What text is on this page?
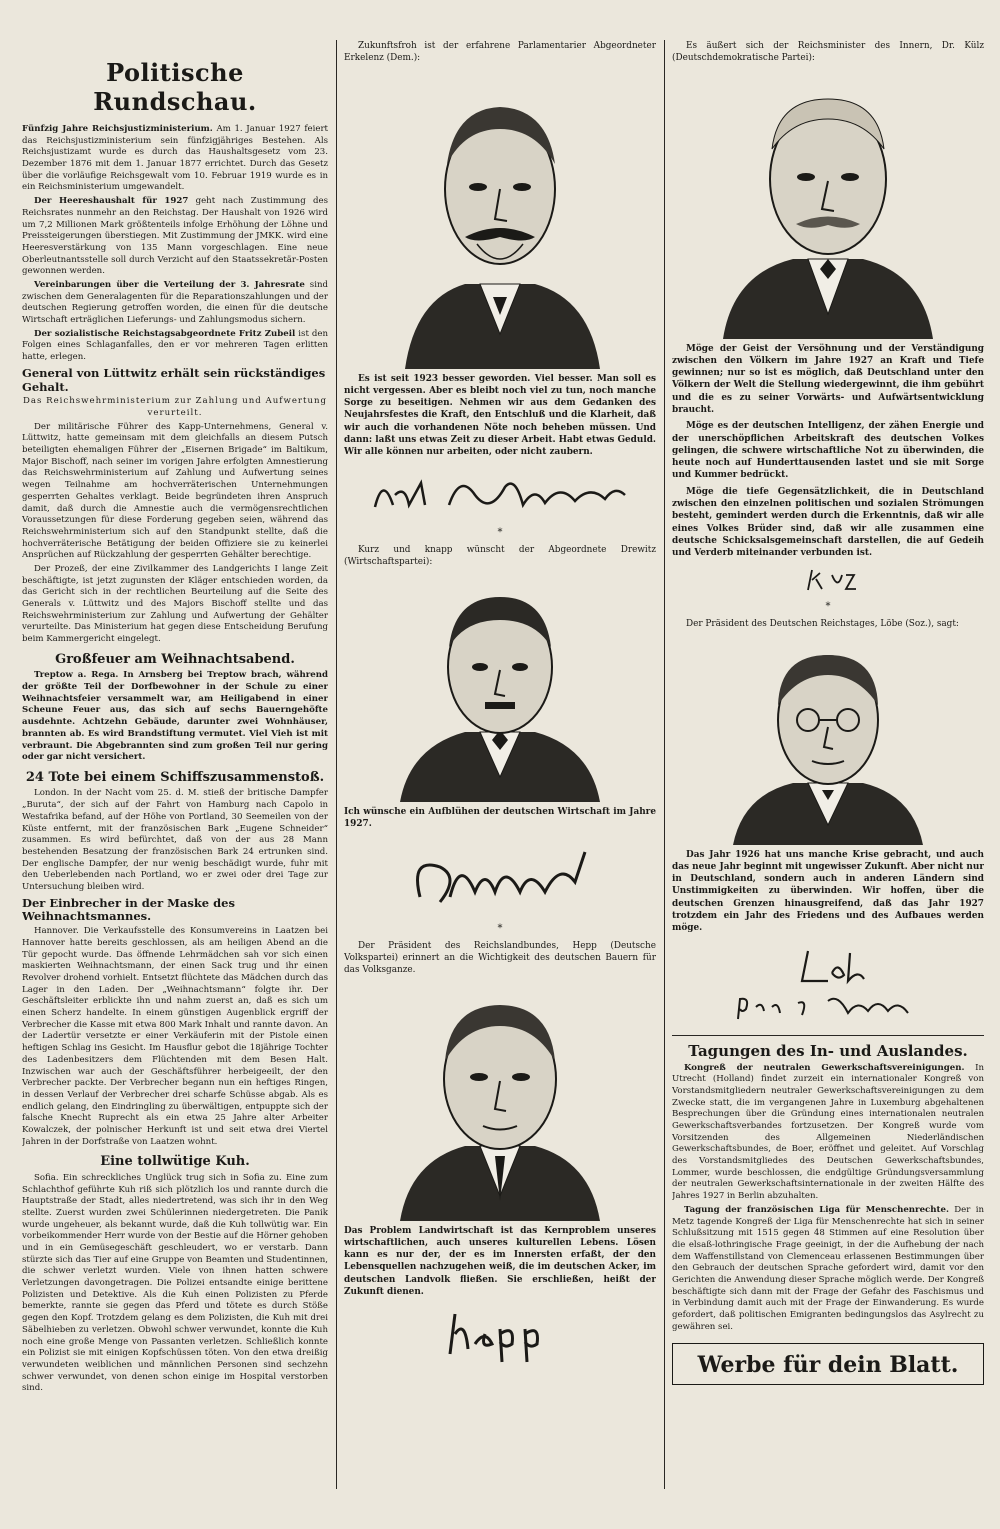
Politische Rundschau.

Fünfzig Jahre Reichsjustizministerium. Am 1. Januar 1927 feiert das Reichsjustizministerium sein fünfzigjähriges Bestehen. Als Reichsjustizamt wurde es durch das Haushaltsgesetz vom 23. Dezember 1876 mit dem 1. Januar 1877 errichtet. Durch das Gesetz über die vorläufige Reichsgewalt vom 10. Februar 1919 wurde es in ein Reichsministerium umgewandelt.

Der Heereshaushalt für 1927 geht nach Zustimmung des Reichsrates nunmehr an den Reichstag. Der Haushalt von 1926 wird um 7,2 Millionen Mark größtenteils infolge Erhöhung der Löhne und Preissteigerungen überstiegen. Mit Zustimmung der JMKK. wird eine Heeresverstärkung von 135 Mann vorgeschlagen. Eine neue Oberleutnantsstelle soll durch Verzicht auf den Staatssekretär-Posten gewonnen werden.

Vereinbarungen über die Verteilung der 3. Jahresrate sind zwischen dem Generalagenten für die Reparationszahlungen und der deutschen Regierung getroffen worden, die einen für die deutsche Wirtschaft erträglichen Lieferungs- und Zahlungsmodus sichern.

Der sozialistische Reichstagsabgeordnete Fritz Zubeil ist den Folgen eines Schlaganfalles, den er vor mehreren Tagen erlitten hatte, erlegen.

General von Lüttwitz erhält sein rückständiges Gehalt.

Das Reichswehrministerium zur Zahlung und Aufwertung verurteilt.

Der militärische Führer des Kapp-Unternehmens, General v. Lüttwitz, hatte gemeinsam mit dem gleichfalls an diesem Putsch beteiligten ehemaligen Führer der „Eisernen Brigade“ im Baltikum, Major Bischoff, nach seiner im vorigen Jahre erfolgten Amnestierung das Reichswehrministerium auf Zahlung und Aufwertung seines wegen Teilnahme am hochverräterischen Unternehmungen gesperrten Gehaltes verklagt. Beide begründeten ihren Anspruch damit, daß durch die Amnestie auch die vermögensrechtlichen Voraussetzungen für diese Forderung gegeben seien, während das Reichswehrministerium sich auf den Standpunkt stellte, daß die hochverräterische Betätigung der beiden Offiziere sie zu keinerlei Ansprüchen auf Rückzahlung der gesperrten Gehälter berechtige.

Der Prozeß, der eine Zivilkammer des Landgerichts I lange Zeit beschäftigte, ist jetzt zugunsten der Kläger entschieden worden, da das Gericht sich in der rechtlichen Beurteilung auf die Seite des Generals v. Lüttwitz und des Majors Bischoff stellte und das Reichswehrministerium zur Zahlung und Aufwertung der Gehälter verurteilte. Das Ministerium hat gegen diese Entscheidung Berufung beim Kammergericht eingelegt.

Großfeuer am Weihnachtsabend.

Treptow a. Rega. In Arnsberg bei Treptow brach, während der größte Teil der Dorfbewohner in der Schule zu einer Weihnachtsfeier versammelt war, am Heiligabend in einer Scheune Feuer aus, das sich auf sechs Bauerngehöfte ausdehnte. Achtzehn Gebäude, darunter zwei Wohnhäuser, brannten ab. Es wird Brandstiftung vermutet. Viel Vieh ist mit verbraunt. Die Abgebrannten sind zum großen Teil nur gering oder gar nicht versichert.

24 Tote bei einem Schiffszusammenstoß.

London. In der Nacht vom 25. d. M. stieß der britische Dampfer „Buruta“, der sich auf der Fahrt von Hamburg nach Capolo in Westafrika befand, auf der Höhe von Portland, 30 Seemeilen von der Küste entfernt, mit der französischen Bark „Eugene Schneider“ zusammen. Es wird befürchtet, daß von der aus 28 Mann bestehenden Besatzung der französischen Bark 24 ertrunken sind. Der englische Dampfer, der nur wenig beschädigt wurde, fuhr mit den Ueberlebenden nach Portland, wo er zwei oder drei Tage zur Untersuchung bleiben wird.

Der Einbrecher in der Maske des Weihnachtsmannes.

Hannover. Die Verkaufsstelle des Konsumvereins in Laatzen bei Hannover hatte bereits geschlossen, als am heiligen Abend an die Tür gepocht wurde. Das öffnende Lehrmädchen sah vor sich einen maskierten Weihnachtsmann, der einen Sack trug und ihr einen Revolver drohend vorhielt. Entsetzt flüchtete das Mädchen durch das Lager in den Laden. Der „Weihnachtsmann“ folgte ihr. Der Geschäftsleiter erblickte ihn und nahm zuerst an, daß es sich um einen Scherz handelte. In einem günstigen Augenblick ergriff der Verbrecher die Kasse mit etwa 800 Mark Inhalt und rannte davon. An der Ladertür versetzte er einer Verkäuferin mit der Pistole einen heftigen Schlag ins Gesicht. Im Hausflur gebot die 18jährige Tochter des Ladenbesitzers dem Flüchtenden mit dem Besen Halt. Inzwischen war auch der Geschäftsführer herbeigeeilt, der den Verbrecher packte. Der Verbrecher begann nun ein heftiges Ringen, in dessen Verlauf der Verbrecher drei scharfe Schüsse abgab. Als es endlich gelang, den Eindringling zu überwältigen, entpuppte sich der falsche Knecht Ruprecht als ein etwa 25 Jahre alter Arbeiter Kowalczek, der polnischer Herkunft ist und seit etwa drei Viertel Jahren in der Dorfstraße von Laatzen wohnt.

Eine tollwütige Kuh.

Sofia. Ein schreckliches Unglück trug sich in Sofia zu. Eine zum Schlachthof geführte Kuh riß sich plötzlich los und rannte durch die Hauptstraße der Stadt, alles niedertretend, was sich ihr in den Weg stellte. Zuerst wurden zwei Schülerinnen niedergetreten. Die Panik wurde ungeheuer, als bekannt wurde, daß die Kuh tollwütig war. Ein vorbeikommender Herr wurde von der Bestie auf die Hörner gehoben und in ein Gemüsegeschäft geschleudert, wo er verstarb. Dann stürzte sich das Tier auf eine Gruppe von Beamten und Studentinnen, die schwer verletzt wurden. Viele von ihnen hatten schwere Verletzungen davongetragen. Die Polizei entsandte einige berittene Polizisten und Detektive. Als die Kuh einen Polizisten zu Pferde bemerkte, rannte sie gegen das Pferd und tötete es durch Stöße gegen den Kopf. Trotzdem gelang es dem Polizisten, die Kuh mit drei Säbelhieben zu verletzen. Obwohl schwer verwundet, konnte die Kuh noch eine große Menge von Passanten verletzen. Schließlich konnte ein Polizist sie mit einigen Kopfschüssen töten. Von den etwa dreißig verwundeten weiblichen und männlichen Personen sind sechzehn schwer verwundet, von denen schon einige im Hospital verstorben sind.

Zukunftsfroh ist der erfahrene Parlamentarier Abgeordneter Erkelenz (Dem.):

Es ist seit 1923 besser geworden. Viel besser. Man soll es nicht vergessen. Aber es bleibt noch viel zu tun, noch manche Sorge zu beseitigen. Nehmen wir aus dem Gedanken des Neujahrsfestes die Kraft, den Entschluß und die Klarheit, daß wir auch die vorhandenen Nöte noch beheben müssen. Und dann: laßt uns etwas Zeit zu dieser Arbeit. Habt etwas Geduld. Wir alle können nur arbeiten, oder nicht zaubern.

*

Kurz und knapp wünscht der Abgeordnete Drewitz (Wirtschaftspartei):

Ich wünsche ein Aufblühen der deutschen Wirtschaft im Jahre 1927.

*

Der Präsident des Reichslandbundes, Hepp (Deutsche Volkspartei) erinnert an die Wichtigkeit des deutschen Bauern für das Volksganze.

Das Problem Landwirtschaft ist das Kernproblem unseres wirtschaftlichen, auch unseres kulturellen Lebens. Lösen kann es nur der, der es im Innersten erfaßt, der den Lebensquellen nachzugehen weiß, die im deutschen Acker, im deutschen Landvolk fließen. Sie erschließen, heißt der Zukunft dienen.

Es äußert sich der Reichsminister des Innern, Dr. Külz (Deutschdemokratische Partei):

Möge der Geist der Versöhnung und der Verständigung zwischen den Völkern im Jahre 1927 an Kraft und Tiefe gewinnen; nur so ist es möglich, daß Deutschland unter den Völkern der Welt die Stellung wiedergewinnt, die ihm gebührt und die es zu seiner Vorwärts- und Aufwärtsentwicklung braucht.

Möge es der deutschen Intelligenz, der zähen Energie und der unerschöpflichen Arbeitskraft des deutschen Volkes gelingen, die schwere wirtschaftliche Not zu überwinden, die heute noch auf Hunderttausenden lastet und sie mit Sorge und Kummer bedrückt.

Möge die tiefe Gegensätzlichkeit, die in Deutschland zwischen den einzelnen politischen und sozialen Strömungen besteht, gemindert werden durch die Erkenntnis, daß wir alle eines Volkes Brüder sind, daß wir alle zusammen eine deutsche Schicksalsgemeinschaft darstellen, die auf Gedeih und Verderb miteinander verbunden ist.

*

Der Präsident des Deutschen Reichstages, Löbe (Soz.), sagt:

Das Jahr 1926 hat uns manche Krise gebracht, und auch das neue Jahr beginnt mit ungewisser Zukunft. Aber nicht nur in Deutschland, sondern auch in anderen Ländern sind Unstimmigkeiten zu überwinden. Wir hoffen, über die deutschen Grenzen hinausgreifend, daß das Jahr 1927 trotzdem ein Jahr des Friedens und des Aufbaues werden möge.

Tagungen des In- und Auslandes.

Kongreß der neutralen Gewerkschaftsvereinigungen. In Utrecht (Holland) findet zurzeit ein internationaler Kongreß von Vorstandsmitgliedern neutraler Gewerkschaftsvereinigungen zu dem Zwecke statt, die im vergangenen Jahre in Luxemburg abgehaltenen Besprechungen über die Gründung eines internationalen neutralen Gewerkschaftsverbandes fortzusetzen. Der Kongreß wurde vom Vorsitzenden des Allgemeinen Niederländischen Gewerkschaftsbundes, de Boer, eröffnet und geleitet. Auf Vorschlag des Vorstandsmitgliedes des Deutschen Gewerkschaftsbundes, Lommer, wurde beschlossen, die endgültige Gründungsversammlung der neutralen Gewerkschaftsinternationale in der zweiten Hälfte des Jahres 1927 in Berlin abzuhalten.

Tagung der französischen Liga für Menschenrechte. Der in Metz tagende Kongreß der Liga für Menschenrechte hat sich in seiner Schlußsitzung mit 1515 gegen 48 Stimmen auf eine Resolution über die elsaß-lothringische Frage geeinigt, in der die Aufhebung der nach dem Waffenstillstand von Clemenceau erlassenen Bestimmungen über den Gebrauch der deutschen Sprache gefordert wird, damit vor den Gerichten die Anwendung dieser Sprache möglich werde. Der Kongreß beschäftigte sich dann mit der Frage der Gefahr des Faschismus und in Verbindung damit auch mit der Frage der Einwanderung. Es wurde gefordert, daß politischen Emigranten bedingungslos das Asylrecht zu gewähren sei.

Werbe für dein Blatt.
